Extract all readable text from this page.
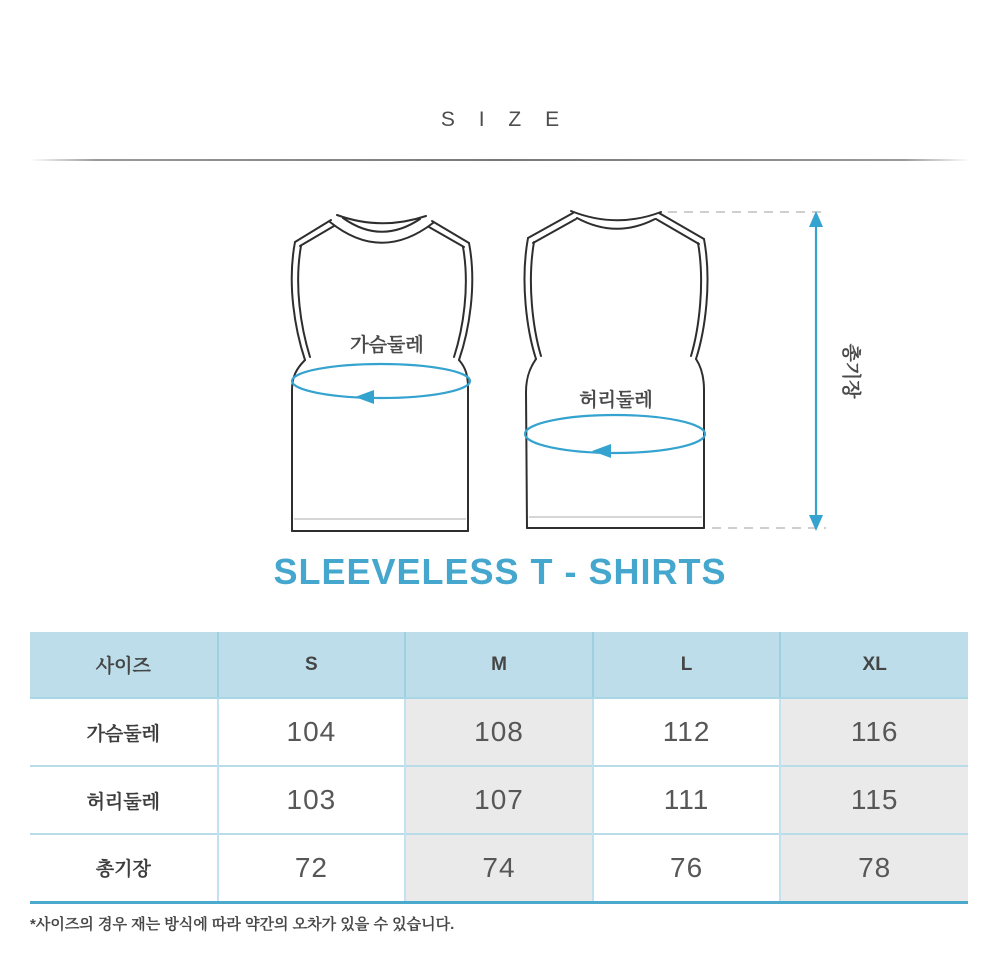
S I Z E
가슴둘레
허리둘레
총기장
SLEEVELESS T - SHIRTS
사이즈	S	M	L	XL
가슴둘레	104	108	112	116
허리둘레	103	107	111	115
총기장	72	74	76	78
*사이즈의 경우 재는 방식에 따라 약간의 오차가 있을 수 있습니다.
